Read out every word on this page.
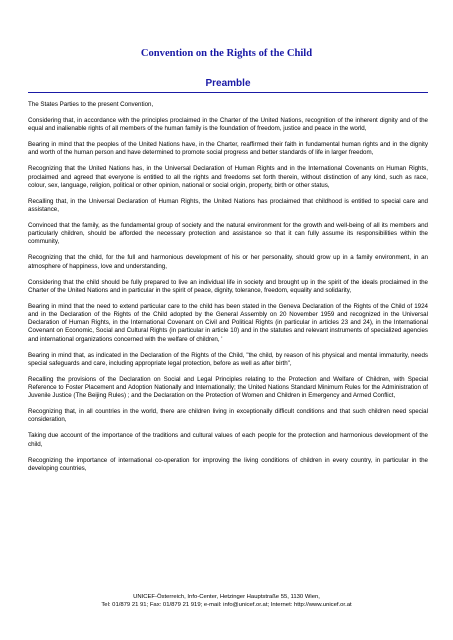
Convention on the Rights of the Child
Preamble

The States Parties to the present Convention,

Considering that, in accordance with the principles proclaimed in the Charter of the United Nations, recognition of the inherent dignity and of the equal and inalienable rights of all members of the human family is the foundation of freedom, justice and peace in the world,

Bearing in mind that the peoples of the United Nations have, in the Charter, reaffirmed their faith in fundamental human rights and in the dignity and worth of the human person and have determined to promote social progress and better standards of life in larger freedom,

Recognizing that the United Nations has, in the Universal Declaration of Human Rights and in the International Covenants on Human Rights, proclaimed and agreed that everyone is entitled to all the rights and freedoms set forth therein, without distinction of any kind, such as race, colour, sex, language, religion, political or other opinion, national or social origin, property, birth or other status,

Recalling that, in the Universal Declaration of Human Rights, the United Nations has proclaimed that childhood is entitled to special care and assistance,

Convinced that the family, as the fundamental group of society and the natural environment for the growth and well-being of all its members and particularly children, should be afforded the necessary protection and assistance so that it can fully assume its responsibilities within the community,

Recognizing that the child, for the full and harmonious development of his or her personality, should grow up in a family environment, in an atmosphere of happiness, love and understanding,

Considering that the child should be fully prepared to live an individual life in society and brought up in the spirit of the ideals proclaimed in the Charter of the United Nations and in particular in the spirit of peace, dignity, tolerance, freedom, equality and solidarity,

Bearing in mind that the need to extend particular care to the child has been stated in the Geneva Declaration of the Rights of the Child of 1924 and in the Declaration of the Rights of the Child adopted by the General Assembly on 20 November 1959 and recognized in the Universal Declaration of Human Rights, in the International Covenant on Civil and Political Rights (in particular in articles 23 and 24), in the International Covenant on Economic, Social and Cultural Rights (in particular in article 10) and in the statutes and relevant instruments of specialized agencies and international organizations concerned with the welfare of children, '

Bearing in mind that, as indicated in the Declaration of the Rights of the Child, "the child, by reason of his physical and mental immaturity, needs special safeguards and care, including appropriate legal protection, before as well as after birth",

Recalling the provisions of the Declaration on Social and Legal Principles relating to the Protection and Welfare of Children, with Special Reference to Foster Placement and Adoption Nationally and Internationally; the United Nations Standard Minimum Rules for the Administration of Juvenile Justice (The Beijing Rules) ; and the Declaration on the Protection of Women and Children in Emergency and Armed Conflict,

Recognizing that, in all countries in the world, there are children living in exceptionally difficult conditions and that such children need special consideration,

Taking due account of the importance of the traditions and cultural values of each people for the protection and harmonious development of the child,

Recognizing the importance of international co-operation for improving the living conditions of children in every country, in particular in the developing countries,

UNICEF-Österreich, Info-Center, Hetzinger Hauptstraße 55, 1130 Wien,
Tel: 01/879 21 91; Fax: 01/879 21 919; e-mail: info@unicef.or.at; Internet: http://www.unicef.or.at
